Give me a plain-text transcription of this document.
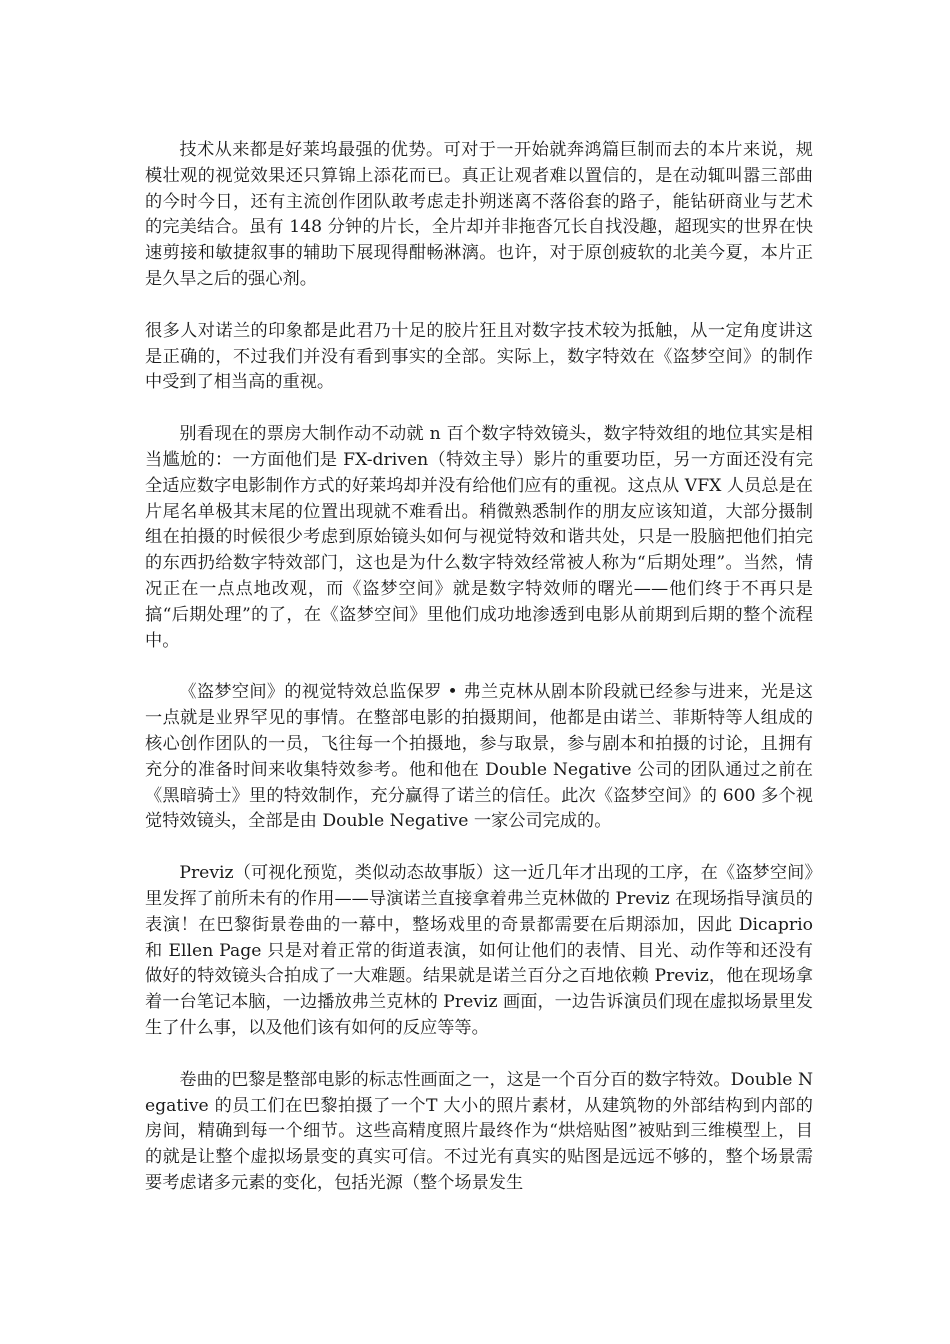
技术从来都是好莱坞最强的优势。可对于一开始就奔鸿篇巨制而去的本片来说，规模壮观的视觉效果还只算锦上添花而已。真正让观者难以置信的，是在动辄叫嚣三部曲的今时今日，还有主流创作团队敢考虑走扑朔迷离不落俗套的路子，能钻研商业与艺术的完美结合。虽有 148 分钟的片长，全片却并非拖沓冗长自找没趣，超现实的世界在快速剪接和敏捷叙事的辅助下展现得酣畅淋漓。也许，对于原创疲软的北美今夏，本片正是久旱之后的强心剂。

很多人对诺兰的印象都是此君乃十足的胶片狂且对数字技术较为抵触，从一定角度讲这是正确的，不过我们并没有看到事实的全部。实际上，数字特效在《盗梦空间》的制作中受到了相当高的重视。

别看现在的票房大制作动不动就 n 百个数字特效镜头，数字特效组的地位其实是相当尴尬的：一方面他们是 FX-driven（特效主导）影片的重要功臣，另一方面还没有完全适应数字电影制作方式的好莱坞却并没有给他们应有的重视。这点从 VFX 人员总是在片尾名单极其末尾的位置出现就不难看出。稍微熟悉制作的朋友应该知道，大部分摄制组在拍摄的时候很少考虑到原始镜头如何与视觉特效和谐共处，只是一股脑把他们拍完的东西扔给数字特效部门，这也是为什么数字特效经常被人称为“后期处理”。当然，情况正在一点点地改观，而《盗梦空间》就是数字特效师的曙光——他们终于不再只是搞“后期处理”的了，在《盗梦空间》里他们成功地渗透到电影从前期到后期的整个流程中。

《盗梦空间》的视觉特效总监保罗 • 弗兰克林从剧本阶段就已经参与进来，光是这一点就是业界罕见的事情。在整部电影的拍摄期间，他都是由诺兰、菲斯特等人组成的核心创作团队的一员，飞往每一个拍摄地，参与取景，参与剧本和拍摄的讨论，且拥有充分的准备时间来收集特效参考。他和他在 Double Negative 公司的团队通过之前在《黑暗骑士》里的特效制作，充分赢得了诺兰的信任。此次《盗梦空间》的 600 多个视觉特效镜头，全部是由 Double Negative 一家公司完成的。

Previz（可视化预览，类似动态故事版）这一近几年才出现的工序，在《盗梦空间》里发挥了前所未有的作用——导演诺兰直接拿着弗兰克林做的 Previz 在现场指导演员的表演！在巴黎街景卷曲的一幕中，整场戏里的奇景都需要在后期添加，因此 Dicaprio 和 Ellen Page 只是对着正常的街道表演，如何让他们的表情、目光、动作等和还没有做好的特效镜头合拍成了一大难题。结果就是诺兰百分之百地依赖 Previz，他在现场拿着一台笔记本脑，一边播放弗兰克林的 Previz 画面，一边告诉演员们现在虚拟场景里发生了什么事，以及他们该有如何的反应等等。

卷曲的巴黎是整部电影的标志性画面之一，这是一个百分百的数字特效。Double Negative 的员工们在巴黎拍摄了一个T 大小的照片素材，从建筑物的外部结构到内部的房间，精确到每一个细节。这些高精度照片最终作为“烘焙贴图”被贴到三维模型上，目的就是让整个虚拟场景变的真实可信。不过光有真实的贴图是远远不够的，整个场景需要考虑诸多元素的变化，包括光源（整个场景发生
